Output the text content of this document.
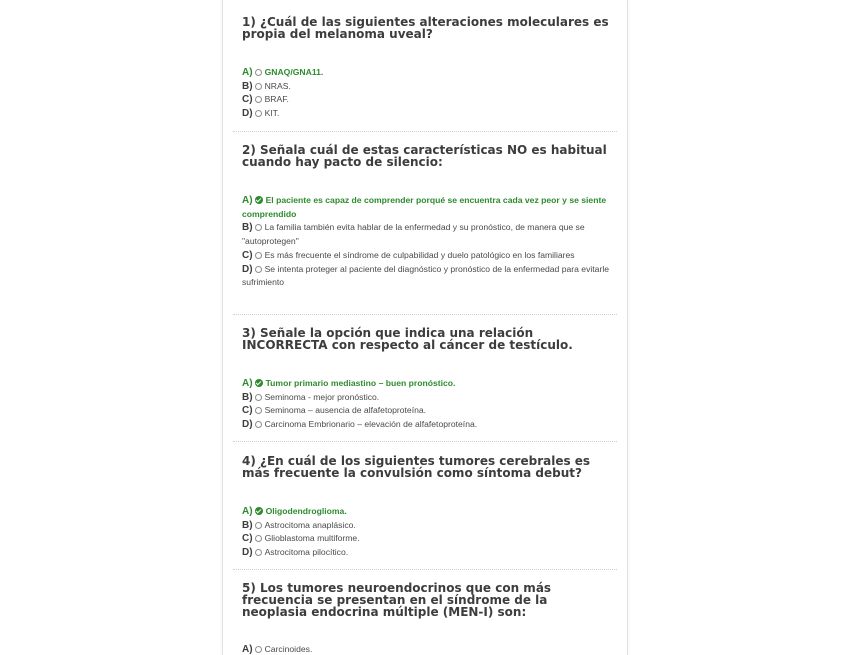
1) ¿Cuál de las siguientes alteraciones moleculares es propia del melanoma uveal?
A) GNAQ/GNA11.
B) NRAS.
C) BRAF.
D) KIT.
2) Señala cuál de estas características NO es habitual cuando hay pacto de silencio:
A) El paciente es capaz de comprender porqué se encuentra cada vez peor y se siente comprendido
B) La familia también evita hablar de la enfermedad y su pronóstico, de manera que se "autoprotegen"
C) Es más frecuente el síndrome de culpabilidad y duelo patológico en los familiares
D) Se intenta proteger al paciente del diagnóstico y pronóstico de la enfermedad para evitarle sufrimiento
3) Señale la opción que indica una relación INCORRECTA con respecto al cáncer de testículo.
A) Tumor primario mediastino – buen pronóstico.
B) Seminoma - mejor pronóstico.
C) Seminoma – ausencia de alfafetoproteína.
D) Carcinoma Embrionario – elevación de alfafetoproteína.
4) ¿En cuál de los siguientes tumores cerebrales es más frecuente la convulsión como síntoma debut?
A) Oligodendroglioma.
B) Astrocitoma anaplásico.
C) Glioblastoma multiforme.
D) Astrocitoma pilocítico.
5) Los tumores neuroendocrinos que con más frecuencia se presentan en el síndrome de la neoplasia endocrina múltiple (MEN-I) son:
A) Carcinoides.
